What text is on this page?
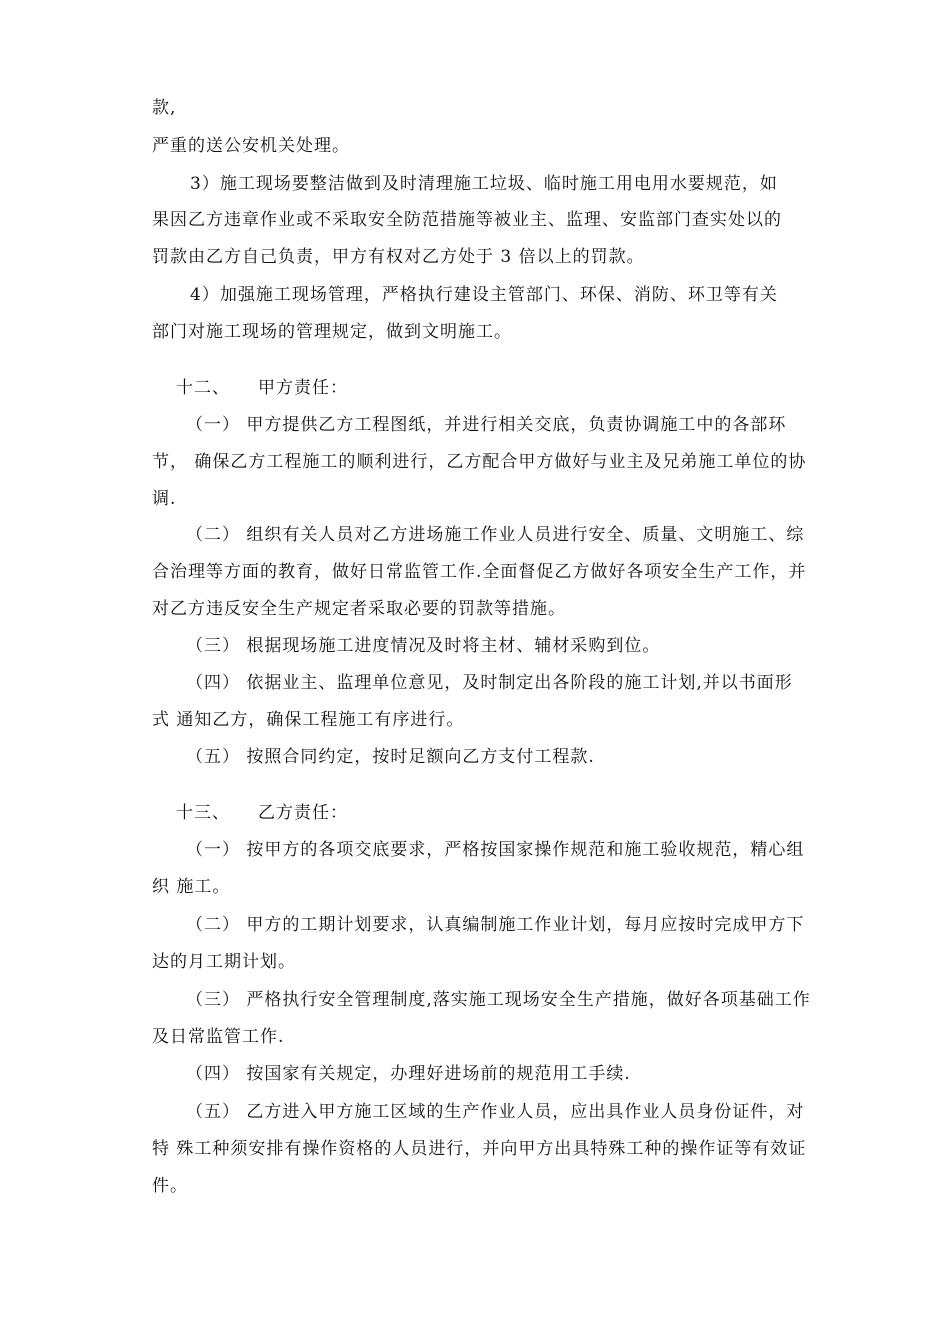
款,
严重的送公安机关处理。
3）施工现场要整洁做到及时清理施工垃圾、临时施工用电用水要规范，如
果因乙方违章作业或不采取安全防范措施等被业主、监理、安监部门查实处以的
罚款由乙方自己负责，甲方有权对乙方处于 3 倍以上的罚款。
4）加强施工现场管理，严格执行建设主管部门、环保、消防、环卫等有关
部门对施工现场的管理规定，做到文明施工。
十二、 甲方责任：
（一） 甲方提供乙方工程图纸，并进行相关交底，负责协调施工中的各部环
节， 确保乙方工程施工的顺利进行，乙方配合甲方做好与业主及兄弟施工单位的协
调.
（二） 组织有关人员对乙方进场施工作业人员进行安全、质量、文明施工、综
合治理等方面的教育，做好日常监管工作.全面督促乙方做好各项安全生产工作，并
对乙方违反安全生产规定者采取必要的罚款等措施。
（三） 根据现场施工进度情况及时将主材、辅材采购到位。
（四） 依据业主、监理单位意见，及时制定出各阶段的施工计划,并以书面形
式 通知乙方，确保工程施工有序进行。
（五） 按照合同约定，按时足额向乙方支付工程款.
十三、 乙方责任：
（一） 按甲方的各项交底要求，严格按国家操作规范和施工验收规范，精心组
织 施工。
（二） 甲方的工期计划要求，认真编制施工作业计划，每月应按时完成甲方下
达的月工期计划。
（三） 严格执行安全管理制度,落实施工现场安全生产措施，做好各项基础工作
及日常监管工作.
（四） 按国家有关规定，办理好进场前的规范用工手续.
（五） 乙方进入甲方施工区域的生产作业人员，应出具作业人员身份证件，对
特 殊工种须安排有操作资格的人员进行，并向甲方出具特殊工种的操作证等有效证
件。
